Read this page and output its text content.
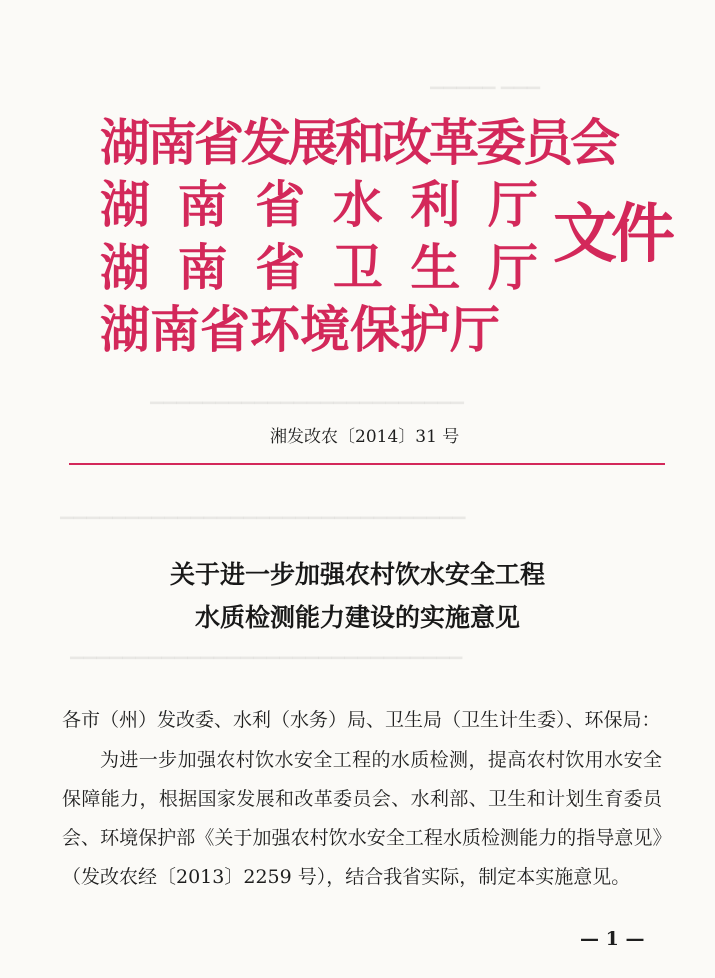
▁▁▁▁▁ ▁▁▁
▁▁▁▁▁▁▁▁▁▁▁▁▁▁▁▁▁▁▁▁▁▁▁▁
▁▁▁▁▁▁▁▁▁▁▁▁▁▁▁▁▁▁▁▁▁▁▁▁▁▁▁▁▁▁▁
▁▁▁▁▁▁▁▁▁▁▁▁▁▁▁▁▁▁▁▁▁▁▁▁▁▁▁▁▁▁
湖南省发展和改革委员会
湖 南 省 水 利 厅
湖 南 省 卫 生 厅
湖南省环境保护厅
文件
湘发改农〔2014〕31 号
关于进一步加强农村饮水安全工程
水质检测能力建设的实施意见
各市（州）发改委、水利（水务）局、卫生局（卫生计生委）、环保局：
为进一步加强农村饮水安全工程的水质检测，提高农村饮用水安全保障能力，根据国家发展和改革委员会、水利部、卫生和计划生育委员会、环境保护部《关于加强农村饮水安全工程水质检测能力的指导意见》（发改农经〔2013〕2259 号），结合我省实际，制定本实施意见。
— 1 —
